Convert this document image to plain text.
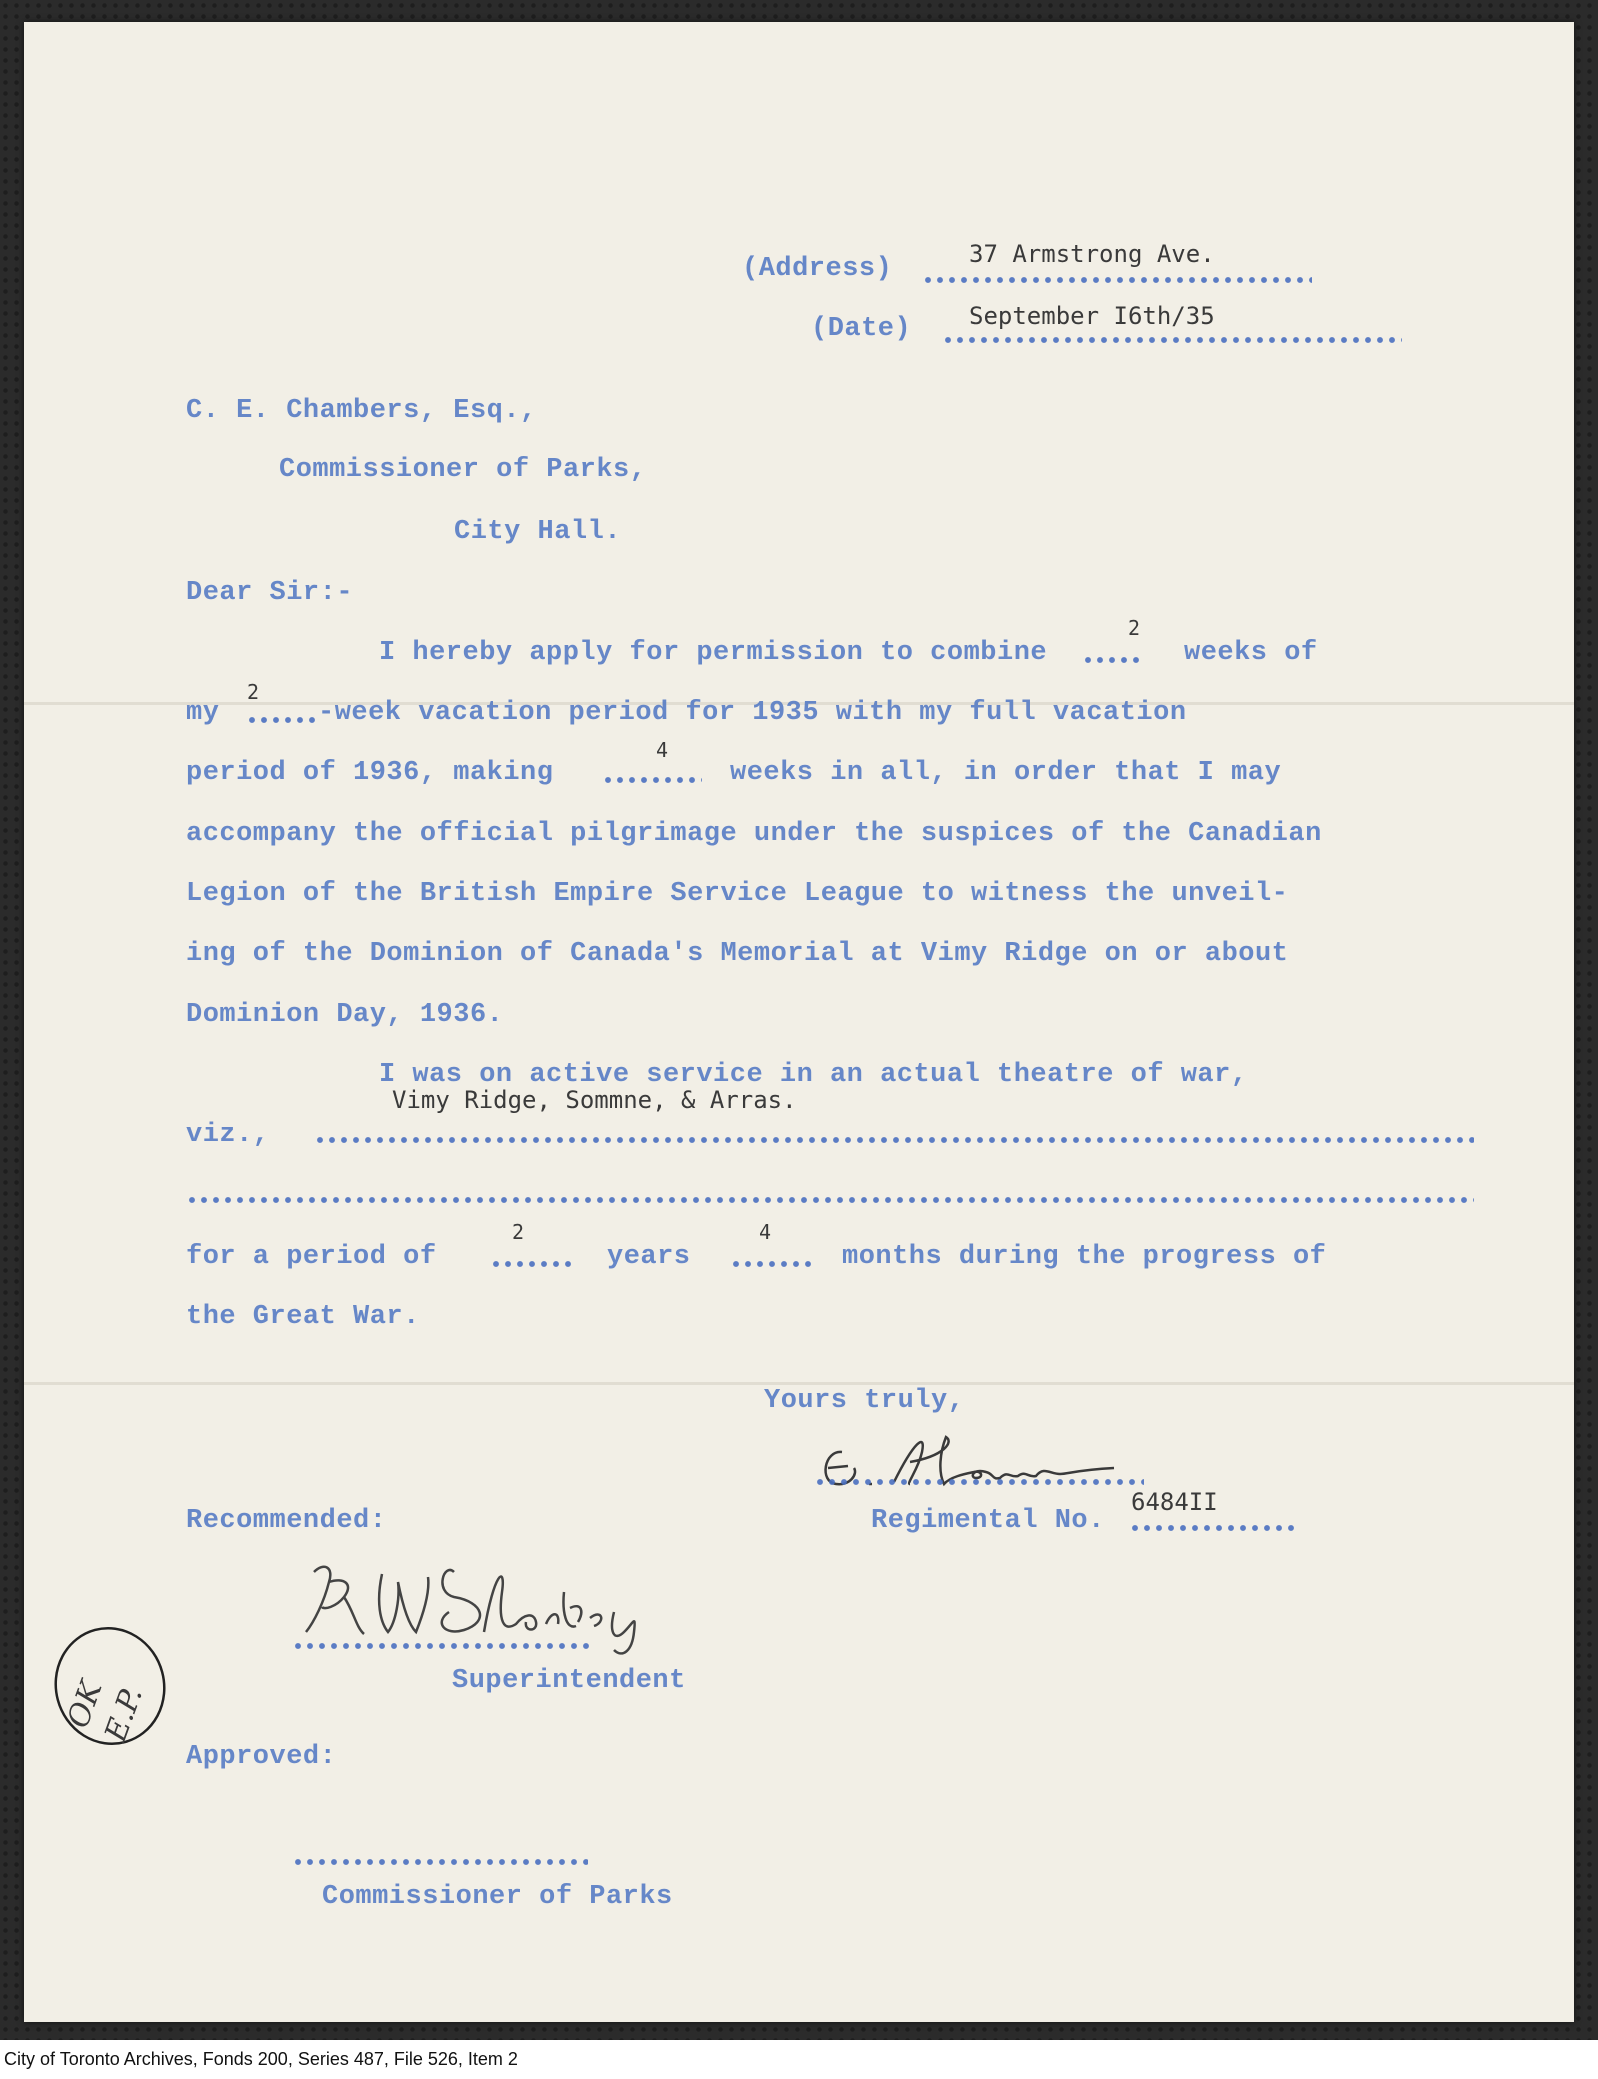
(Address)	37 Armstrong Ave.
(Date) September I6th/35
C. E. Chambers, Esq.,
Commissioner of Parks,
City Hall.
Dear Sir:-
I hereby apply for permission to combine
2
weeks of
my
2
-week vacation period for 1935 with my full vacation
period of 1936, making
4
weeks in all, in order that I may
accompany the official pilgrimage under the suspices of the Canadian
Legion of the British Empire Service League to witness the unveil-
ing of the Dominion of Canada's Memorial at Vimy Ridge on or about
Dominion Day, 1936.
I was on active service in an actual theatre of war,
viz.,
Vimy Ridge, Sommne, & Arras.
for a period of
2
years
4
months during the progress of
the Great War.
Yours truly,
Recommended:	Regimental No.
6484II
Superintendent
OK E.P.
Approved:
Commissioner of Parks
City of Toronto Archives, Fonds 200, Series 487, File 526, Item 2
